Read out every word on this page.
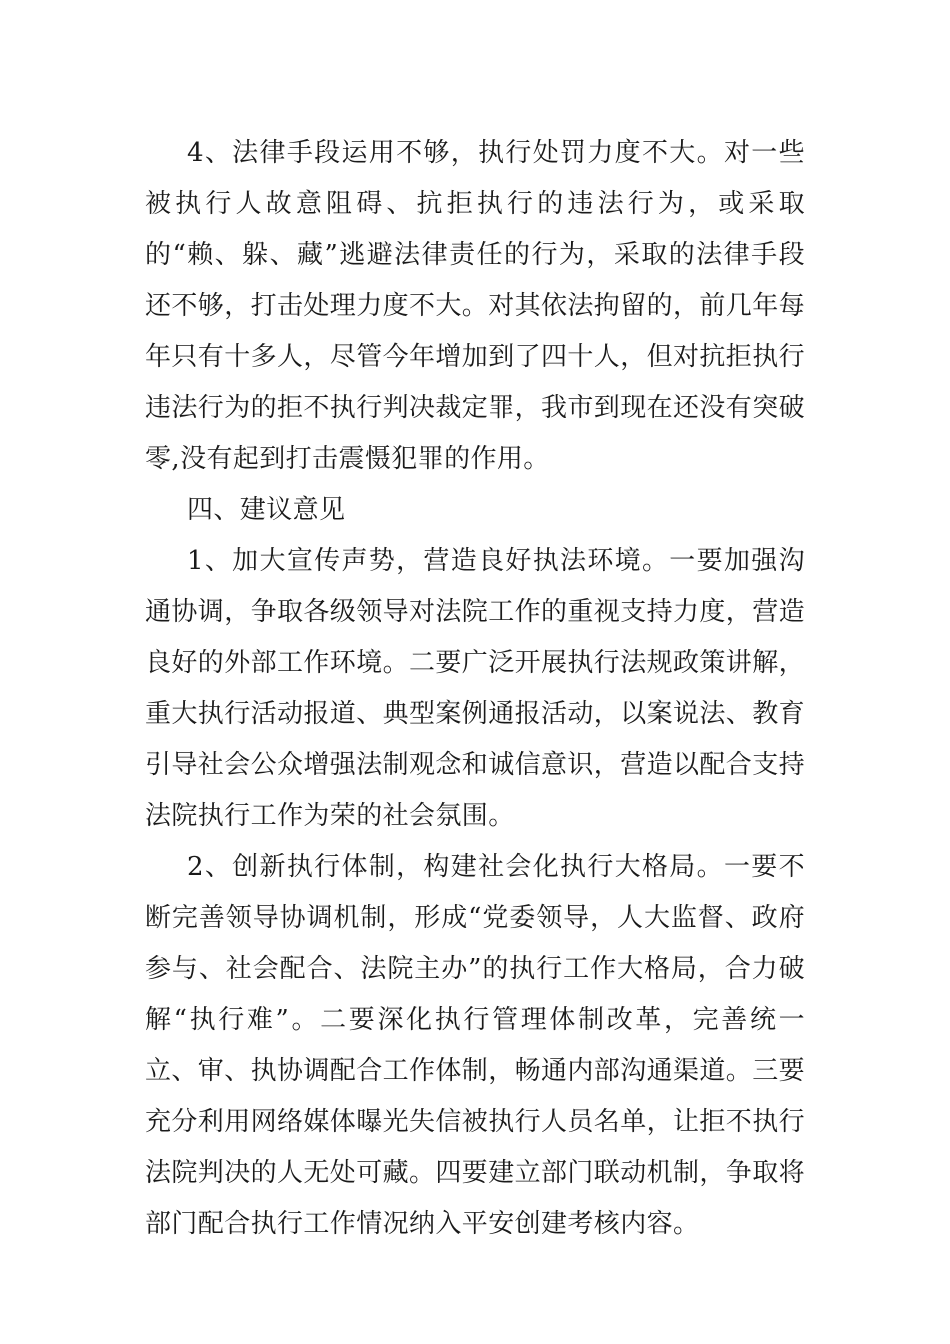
4、法律手段运用不够，执行处罚力度不大。对一些被执行人故意阻碍、抗拒执行的违法行为，或采取的“赖、躲、藏”逃避法律责任的行为，采取的法律手段还不够，打击处理力度不大。对其依法拘留的，前几年每年只有十多人，尽管今年增加到了四十人，但对抗拒执行违法行为的拒不执行判决裁定罪，我市到现在还没有突破零,没有起到打击震慑犯罪的作用。

四、建议意见

1、加大宣传声势，营造良好执法环境。一要加强沟通协调，争取各级领导对法院工作的重视支持力度，营造良好的外部工作环境。二要广泛开展执行法规政策讲解，重大执行活动报道、典型案例通报活动，以案说法、教育引导社会公众增强法制观念和诚信意识，营造以配合支持法院执行工作为荣的社会氛围。

2、创新执行体制，构建社会化执行大格局。一要不断完善领导协调机制，形成“党委领导，人大监督、政府参与、社会配合、法院主办”的执行工作大格局，合力破解“执行难”。二要深化执行管理体制改革，完善统一立、审、执协调配合工作体制，畅通内部沟通渠道。三要充分利用网络媒体曝光失信被执行人员名单，让拒不执行法院判决的人无处可藏。四要建立部门联动机制，争取将部门配合执行工作情况纳入平安创建考核内容。
